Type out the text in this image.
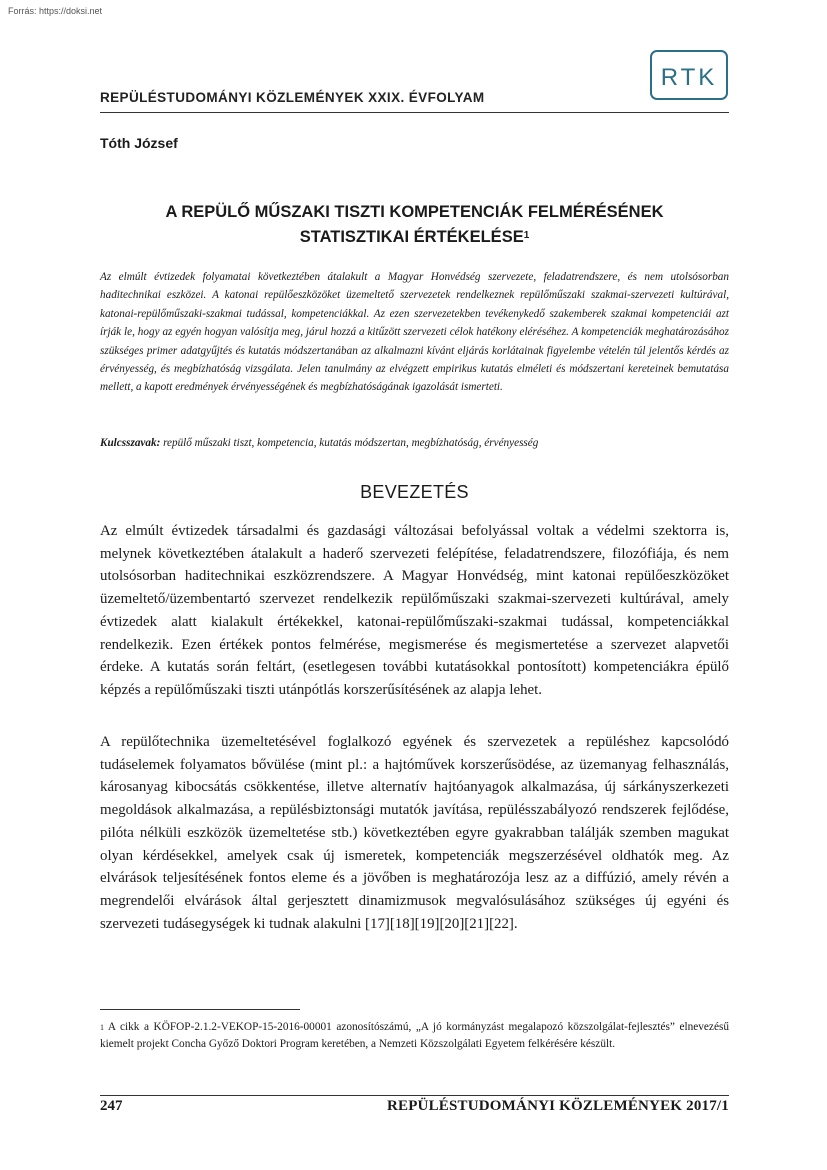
Forrás: https://doksi.net
REPÜLÉSTUDOMÁNYI KÖZLEMÉNYEK XXIX. ÉVFOLYAM
RTK
Tóth József
A REPÜLŐ MŰSZAKI TISZTI KOMPETENCIÁK FELMÉRÉSÉNEK
STATISZTIKAI ÉRTÉKELÉSE$^1$
Az elmúlt évtizedek folyamatai következtében átalakult a Magyar Honvédség szervezete, feladatrendszere, és nem utolsósorban haditechnikai eszközei. A katonai repülőeszközöket üzemeltető szervezetek rendelkeznek repülőműszaki szakmai-szervezeti kultúrával, katonai-repülőműszaki-szakmai tudással, kompetenciákkal. Az ezen szervezetekben tevékenykedő szakemberek szakmai kompetenciái azt írják le, hogy az egyén hogyan valósítja meg, járul hozzá a kitűzött szervezeti célok hatékony eléréséhez. A kompetenciák meghatározásához szükséges primer adatgyűjtés és kutatás módszertanában az alkalmazni kívánt eljárás korlátainak figyelembe vételén túl jelentős kérdés az érvényesség, és megbízhatóság vizsgálata. Jelen tanulmány az elvégzett empirikus kutatás elméleti és módszertani kereteinek bemutatása mellett, a kapott eredmények érvényességének és megbízhatóságának igazolását ismerteti.
Kulcsszavak: repülő műszaki tiszt, kompetencia, kutatás módszertan, megbízhatóság, érvényesség
BEVEZETÉS

Az elmúlt évtizedek társadalmi és gazdasági változásai befolyással voltak a védelmi szektorra is, melynek következtében átalakult a haderő szervezeti felépítése, feladatrendszere, filozófiája, és nem utolsósorban haditechnikai eszközrendszere. A Magyar Honvédség, mint katonai repülőeszközöket üzemeltető/üzembentartó szervezet rendelkezik repülőműszaki szakmai-szervezeti kultúrával, amely évtizedek alatt kialakult értékekkel, katonai-repülőműszaki-szakmai tudással, kompetenciákkal rendelkezik. Ezen értékek pontos felmérése, megismerése és megismertetése a szervezet alapvetői érdeke. A kutatás során feltárt, (esetlegesen további kutatásokkal pontosított) kompetenciákra épülő képzés a repülőműszaki tiszti utánpótlás korszerűsítésének az alapja lehet.

A repülőtechnika üzemeltetésével foglalkozó egyének és szervezetek a repüléshez kapcsolódó tudáselemek folyamatos bővülése (mint pl.: a hajtóművek korszerűsödése, az üzemanyag felhasználás, károsanyag kibocsátás csökkentése, illetve alternatív hajtóanyagok alkalmazása, új sárkányszerkezeti megoldások alkalmazása, a repülésbiztonsági mutatók javítása, repülésszabályozó rendszerek fejlődése, pilóta nélküli eszközök üzemeltetése stb.) következtében egyre gyakrabban találják szemben magukat olyan kérdésekkel, amelyek csak új ismeretek, kompetenciák megszerzésével oldhatók meg. Az elvárások teljesítésének fontos eleme és a jövőben is meghatározója lesz az a diffúzió, amely révén a megrendelői elvárások által gerjesztett dinamizmusok megvalósulásához szükséges új egyéni és szervezeti tudásegységek ki tudnak alakulni [17][18][19][20][21][22].

$^1$ A cikk a KÖFOP-2.1.2-VEKOP-15-2016-00001 azonosítószámú, „A jó kormányzást megalapozó közszolgálat-fejlesztés” elnevezésű kiemelt projekt Concha Győző Doktori Program keretében, a Nemzeti Közszolgálati Egyetem felkérésére készült.
247	REPÜLÉSTUDOMÁNYI KÖZLEMÉNYEK 2017/1
